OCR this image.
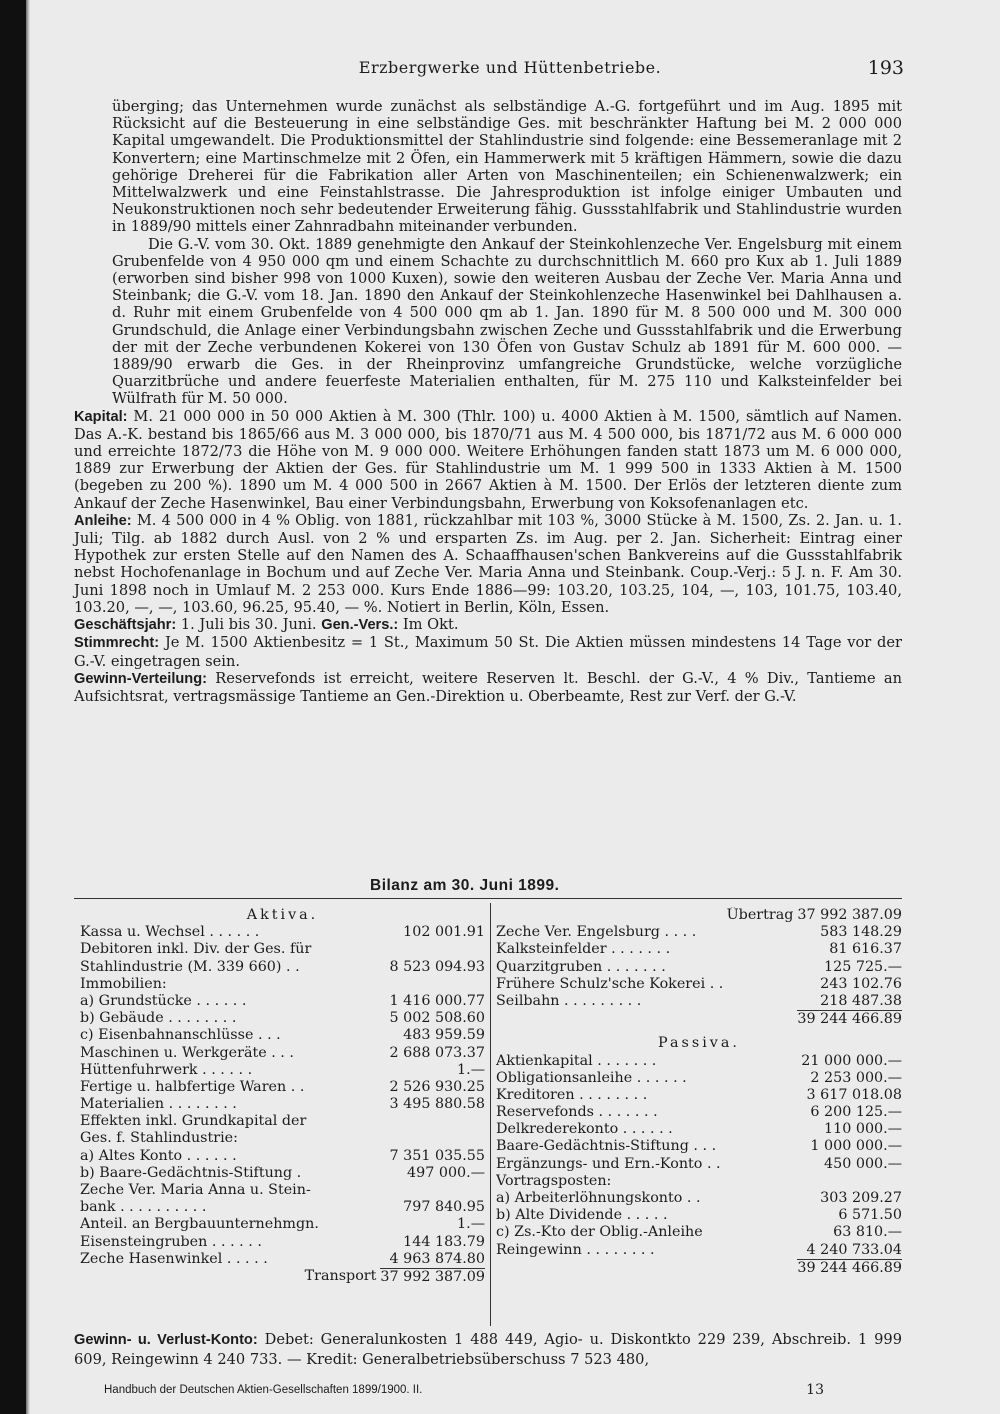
Erzbergwerke und Hüttenbetriebe.	193

überging; das Unternehmen wurde zunächst als selbständige A.-G. fortgeführt und im Aug. 1895 mit Rücksicht auf die Besteuerung in eine selbständige Ges. mit beschränkter Haftung bei M. 2 000 000 Kapital umgewandelt. Die Produktionsmittel der Stahlindustrie sind folgende: eine Bessemeranlage mit 2 Konvertern; eine Martinschmelze mit 2 Öfen, ein Hammerwerk mit 5 kräftigen Hämmern, sowie die dazu gehörige Dreherei für die Fabrikation aller Arten von Maschinenteilen; ein Schienenwalzwerk; ein Mittelwalzwerk und eine Feinstahlstrasse. Die Jahresproduktion ist infolge einiger Umbauten und Neukonstruktionen noch sehr bedeutender Erweiterung fähig. Gussstahlfabrik und Stahlindustrie wurden in 1889/90 mittels einer Zahnradbahn miteinander verbunden.

Die G.-V. vom 30. Okt. 1889 genehmigte den Ankauf der Steinkohlenzeche Ver. Engelsburg mit einem Grubenfelde von 4 950 000 qm und einem Schachte zu durchschnittlich M. 660 pro Kux ab 1. Juli 1889 (erworben sind bisher 998 von 1000 Kuxen), sowie den weiteren Ausbau der Zeche Ver. Maria Anna und Steinbank; die G.-V. vom 18. Jan. 1890 den Ankauf der Steinkohlenzeche Hasenwinkel bei Dahlhausen a. d. Ruhr mit einem Grubenfelde von 4 500 000 qm ab 1. Jan. 1890 für M. 8 500 000 und M. 300 000 Grundschuld, die Anlage einer Verbindungsbahn zwischen Zeche und Gussstahlfabrik und die Erwerbung der mit der Zeche verbundenen Kokerei von 130 Öfen von Gustav Schulz ab 1891 für M. 600 000. — 1889/90 erwarb die Ges. in der Rheinprovinz umfangreiche Grundstücke, welche vorzügliche Quarzitbrüche und andere feuerfeste Materialien enthalten, für M. 275 110 und Kalksteinfelder bei Wülfrath für M. 50 000.

Kapital: M. 21 000 000 in 50 000 Aktien à M. 300 (Thlr. 100) u. 4000 Aktien à M. 1500, sämtlich auf Namen. Das A.-K. bestand bis 1865/66 aus M. 3 000 000, bis 1870/71 aus M. 4 500 000, bis 1871/72 aus M. 6 000 000 und erreichte 1872/73 die Höhe von M. 9 000 000. Weitere Erhöhungen fanden statt 1873 um M. 6 000 000, 1889 zur Erwerbung der Aktien der Ges. für Stahlindustrie um M. 1 999 500 in 1333 Aktien à M. 1500 (begeben zu 200 %). 1890 um M. 4 000 500 in 2667 Aktien à M. 1500. Der Erlös der letzteren diente zum Ankauf der Zeche Hasenwinkel, Bau einer Verbindungsbahn, Erwerbung von Koksofenanlagen etc.

Anleihe: M. 4 500 000 in 4 % Oblig. von 1881, rückzahlbar mit 103 %, 3000 Stücke à M. 1500, Zs. 2. Jan. u. 1. Juli; Tilg. ab 1882 durch Ausl. von 2 % und ersparten Zs. im Aug. per 2. Jan. Sicherheit: Eintrag einer Hypothek zur ersten Stelle auf den Namen des A. Schaaffhausen'schen Bankvereins auf die Gussstahlfabrik nebst Hochofenanlage in Bochum und auf Zeche Ver. Maria Anna und Steinbank. Coup.-Verj.: 5 J. n. F. Am 30. Juni 1898 noch in Umlauf M. 2 253 000. Kurs Ende 1886—99: 103.20, 103.25, 104, —, 103, 101.75, 103.40, 103.20, —, —, 103.60, 96.25, 95.40, — %. Notiert in Berlin, Köln, Essen.

Geschäftsjahr: 1. Juli bis 30. Juni. Gen.-Vers.: Im Okt.

Stimmrecht: Je M. 1500 Aktienbesitz = 1 St., Maximum 50 St. Die Aktien müssen mindestens 14 Tage vor der G.-V. eingetragen sein.

Gewinn-Verteilung: Reservefonds ist erreicht, weitere Reserven lt. Beschl. der G.-V., 4 % Div., Tantieme an Aufsichtsrat, vertragsmässige Tantieme an Gen.-Direktion u. Oberbeamte, Rest zur Verf. der G.-V.

Bilanz am 30. Juni 1899.
Aktiva.
Kassa u. Wechsel . . . . . .	102 001.91
Debitoren inkl. Div. der Ges. für
Stahlindustrie (M. 339 660) . .	8 523 094.93
Immobilien:
a) Grundstücke . . . . . .	1 416 000.77
b) Gebäude . . . . . . . .	5 002 508.60
c) Eisenbahnanschlüsse . . .	483 959.59
Maschinen u. Werkgeräte . . .	2 688 073.37
Hüttenfuhrwerk . . . . . .	1.—
Fertige u. halbfertige Waren . .	2 526 930.25
Materialien . . . . . . . .	3 495 880.58
Effekten inkl. Grundkapital der
Ges. f. Stahlindustrie:
a) Altes Konto . . . . . .	7 351 035.55
b) Baare-Gedächtnis-Stiftung .	497 000.—
Zeche Ver. Maria Anna u. Stein-
bank . . . . . . . . . .	797 840.95
Anteil. an Bergbauunternehmgn.	1.—
Eisensteingruben . . . . . .	144 183.79
Zeche Hasenwinkel . . . . .	4 963 874.80
Transport 37 992 387.09
Übertrag 37 992 387.09
Zeche Ver. Engelsburg . . . .	583 148.29
Kalksteinfelder . . . . . . .	81 616.37
Quarzitgruben . . . . . . .	125 725.—
Frühere Schulz'sche Kokerei . .	243 102.76
Seilbahn . . . . . . . . .	218 487.38
39 244 466.89
Passiva.
Aktienkapital . . . . . . .	21 000 000.—
Obligationsanleihe . . . . . .	2 253 000.—
Kreditoren . . . . . . . .	3 617 018.08
Reservefonds . . . . . . .	6 200 125.—
Delkrederekonto . . . . . .	110 000.—
Baare-Gedächtnis-Stiftung . . .	1 000 000.—
Ergänzungs- und Ern.-Konto . .	450 000.—
Vortragsposten:
a) Arbeiterlöhnungskonto . .	303 209.27
b) Alte Dividende . . . . .	6 571.50
c) Zs.-Kto der Oblig.-Anleihe	63 810.—
Reingewinn . . . . . . . .	4 240 733.04
39 244 466.89
Gewinn- u. Verlust-Konto: Debet: Generalunkosten 1 488 449, Agio- u. Diskontkto 229 239, Abschreib. 1 999 609, Reingewinn 4 240 733. — Kredit: Generalbetriebsüberschuss 7 523 480,
Handbuch der Deutschen Aktien-Gesellschaften 1899/1900. II.	13
